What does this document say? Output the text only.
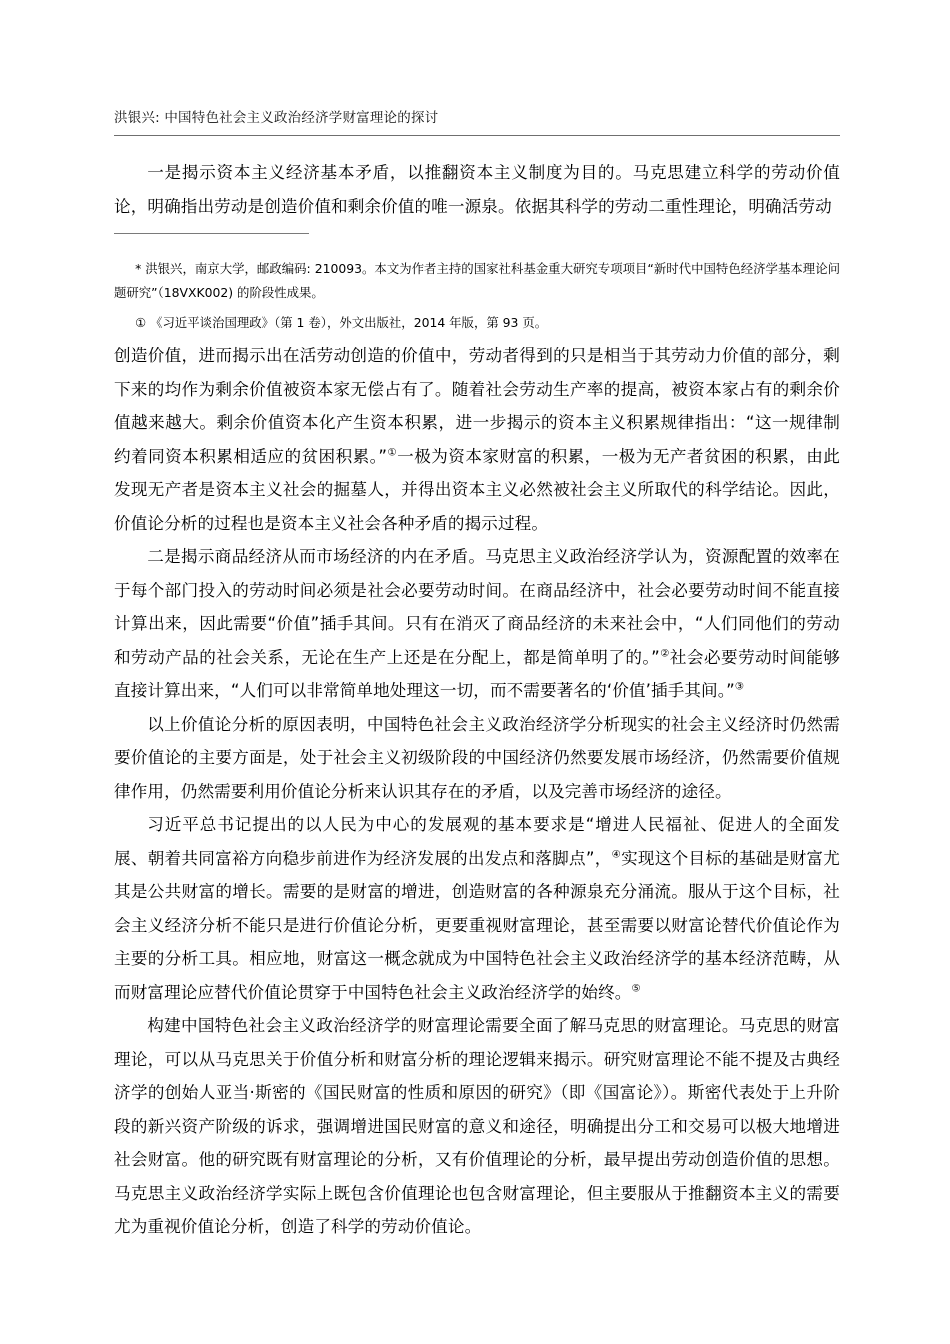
洪银兴: 中国特色社会主义政治经济学财富理论的探讨

一是揭示资本主义经济基本矛盾，以推翻资本主义制度为目的。马克思建立科学的劳动价值论，明确指出劳动是创造价值和剩余价值的唯一源泉。依据其科学的劳动二重性理论，明确活劳动

* 洪银兴，南京大学，邮政编码: 210093。本文为作者主持的国家社科基金重大研究专项项目“新时代中国特色经济学基本理论问题研究”（18VXK002) 的阶段性成果。

① 《习近平谈治国理政》（第 1 卷），外文出版社，2014 年版，第 93 页。

创造价值，进而揭示出在活劳动创造的价值中，劳动者得到的只是相当于其劳动力价值的部分，剩下来的均作为剩余价值被资本家无偿占有了。随着社会劳动生产率的提高，被资本家占有的剩余价值越来越大。剩余价值资本化产生资本积累，进一步揭示的资本主义积累规律指出：“这一规律制约着同资本积累相适应的贫困积累。”①一极为资本家财富的积累，一极为无产者贫困的积累，由此发现无产者是资本主义社会的掘墓人，并得出资本主义必然被社会主义所取代的科学结论。因此，价值论分析的过程也是资本主义社会各种矛盾的揭示过程。

二是揭示商品经济从而市场经济的内在矛盾。马克思主义政治经济学认为，资源配置的效率在于每个部门投入的劳动时间必须是社会必要劳动时间。在商品经济中，社会必要劳动时间不能直接计算出来，因此需要“价值”插手其间。只有在消灭了商品经济的未来社会中，“人们同他们的劳动和劳动产品的社会关系，无论在生产上还是在分配上，都是简单明了的。”②社会必要劳动时间能够直接计算出来，“人们可以非常简单地处理这一切，而不需要著名的‘价值’插手其间。”③

以上价值论分析的原因表明，中国特色社会主义政治经济学分析现实的社会主义经济时仍然需要价值论的主要方面是，处于社会主义初级阶段的中国经济仍然要发展市场经济，仍然需要价值规律作用，仍然需要利用价值论分析来认识其存在的矛盾，以及完善市场经济的途径。

习近平总书记提出的以人民为中心的发展观的基本要求是“增进人民福祉、促进人的全面发展、朝着共同富裕方向稳步前进作为经济发展的出发点和落脚点”，④实现这个目标的基础是财富尤其是公共财富的增长。需要的是财富的增进，创造财富的各种源泉充分涌流。服从于这个目标，社会主义经济分析不能只是进行价值论分析，更要重视财富理论，甚至需要以财富论替代价值论作为主要的分析工具。相应地，财富这一概念就成为中国特色社会主义政治经济学的基本经济范畴，从而财富理论应替代价值论贯穿于中国特色社会主义政治经济学的始终。⑤

构建中国特色社会主义政治经济学的财富理论需要全面了解马克思的财富理论。马克思的财富理论，可以从马克思关于价值分析和财富分析的理论逻辑来揭示。研究财富理论不能不提及古典经济学的创始人亚当·斯密的《国民财富的性质和原因的研究》（即《国富论》）。斯密代表处于上升阶段的新兴资产阶级的诉求，强调增进国民财富的意义和途径，明确提出分工和交易可以极大地增进社会财富。他的研究既有财富理论的分析，又有价值理论的分析，最早提出劳动创造价值的思想。马克思主义政治经济学实际上既包含价值理论也包含财富理论，但主要服从于推翻资本主义的需要尤为重视价值论分析，创造了科学的劳动价值论。
